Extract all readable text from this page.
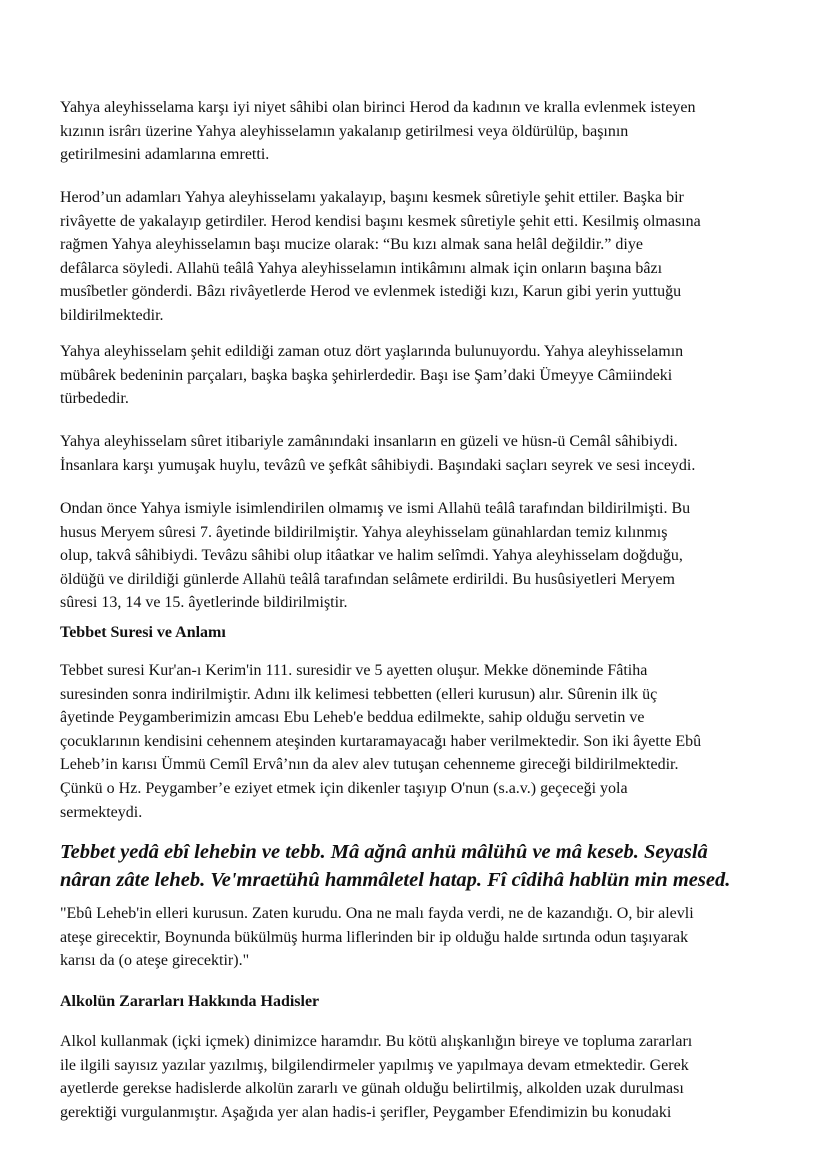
Yahya aleyhisselama karşı iyi niyet sâhibi olan birinci Herod da kadının ve kralla evlenmek isteyen
kızının isrârı üzerine Yahya aleyhisselamın yakalanıp getirilmesi veya öldürülüp, başının
getirilmesini adamlarına emretti.
Herod’un adamları Yahya aleyhisselamı yakalayıp, başını kesmek sûretiyle şehit ettiler. Başka bir
rivâyette de yakalayıp getirdiler. Herod kendisi başını kesmek sûretiyle şehit etti. Kesilmiş olmasına
rağmen Yahya aleyhisselamın başı mucize olarak: “Bu kızı almak sana helâl değildir.” diye
defâlarca söyledi. Allahü teâlâ Yahya aleyhisselamın intikâmını almak için onların başına bâzı
musîbetler gönderdi. Bâzı rivâyetlerde Herod ve evlenmek istediği kızı, Karun gibi yerin yuttuğu
bildirilmektedir.
Yahya aleyhisselam şehit edildiği zaman otuz dört yaşlarında bulunuyordu. Yahya aleyhisselamın
mübârek bedeninin parçaları, başka başka şehirlerdedir. Başı ise Şam’daki Ümeyye Câmiindeki
türbededir.
Yahya aleyhisselam sûret itibariyle zamânındaki insanların en güzeli ve hüsn-ü Cemâl sâhibiydi.
İnsanlara karşı yumuşak huylu, tevâzû ve şefkât sâhibiydi. Başındaki saçları seyrek ve sesi inceydi.
Ondan önce Yahya ismiyle isimlendirilen olmamış ve ismi Allahü teâlâ tarafından bildirilmişti. Bu
husus Meryem sûresi 7. âyetinde bildirilmiştir. Yahya aleyhisselam günahlardan temiz kılınmış
olup, takvâ sâhibiydi. Tevâzu sâhibi olup itâatkar ve halim selîmdi. Yahya aleyhisselam doğduğu,
öldüğü ve dirildiği günlerde Allahü teâlâ tarafından selâmete erdirildi. Bu husûsiyetleri Meryem
sûresi 13, 14 ve 15. âyetlerinde bildirilmiştir.
Tebbet Suresi ve Anlamı
Tebbet suresi Kur'an-ı Kerim'in 111. suresidir ve 5 ayetten oluşur. Mekke döneminde Fâtiha
suresinden sonra indirilmiştir. Adını ilk kelimesi tebbetten (elleri kurusun) alır. Sûrenin ilk üç
âyetinde Peygamberimizin amcası Ebu Leheb'e beddua edilmekte, sahip olduğu servetin ve
çocuklarının kendisini cehennem ateşinden kurtaramayacağı haber verilmektedir. Son iki âyette Ebû
Leheb’in karısı Ümmü Cemîl Ervâ’nın da alev alev tutuşan cehenneme gireceği bildirilmektedir.
Çünkü o Hz. Peygamber’e eziyet etmek için dikenler taşıyıp O'nun (s.a.v.) geçeceği yola
sermekteydi.
Tebbet yedâ ebî lehebin ve tebb. Mâ ağnâ anhü mâlühû ve mâ keseb. Seyaslâ
nâran zâte leheb. Ve'mraetühû hammâletel hatap. Fî cîdihâ hablün min mesed.
"Ebû Leheb'in elleri kurusun. Zaten kurudu. Ona ne malı fayda verdi, ne de kazandığı. O, bir alevli
ateşe girecektir, Boynunda bükülmüş hurma liflerinden bir ip olduğu halde sırtında odun taşıyarak
karısı da (o ateşe girecektir)."
Alkolün Zararları Hakkında Hadisler
Alkol kullanmak (içki içmek) dinimizce haramdır. Bu kötü alışkanlığın bireye ve topluma zararları
ile ilgili sayısız yazılar yazılmış, bilgilendirmeler yapılmış ve yapılmaya devam etmektedir. Gerek
ayetlerde gerekse hadislerde alkolün zararlı ve günah olduğu belirtilmiş, alkolden uzak durulması
gerektiği vurgulanmıştır. Aşağıda yer alan hadis-i şerifler, Peygamber Efendimizin bu konudaki
